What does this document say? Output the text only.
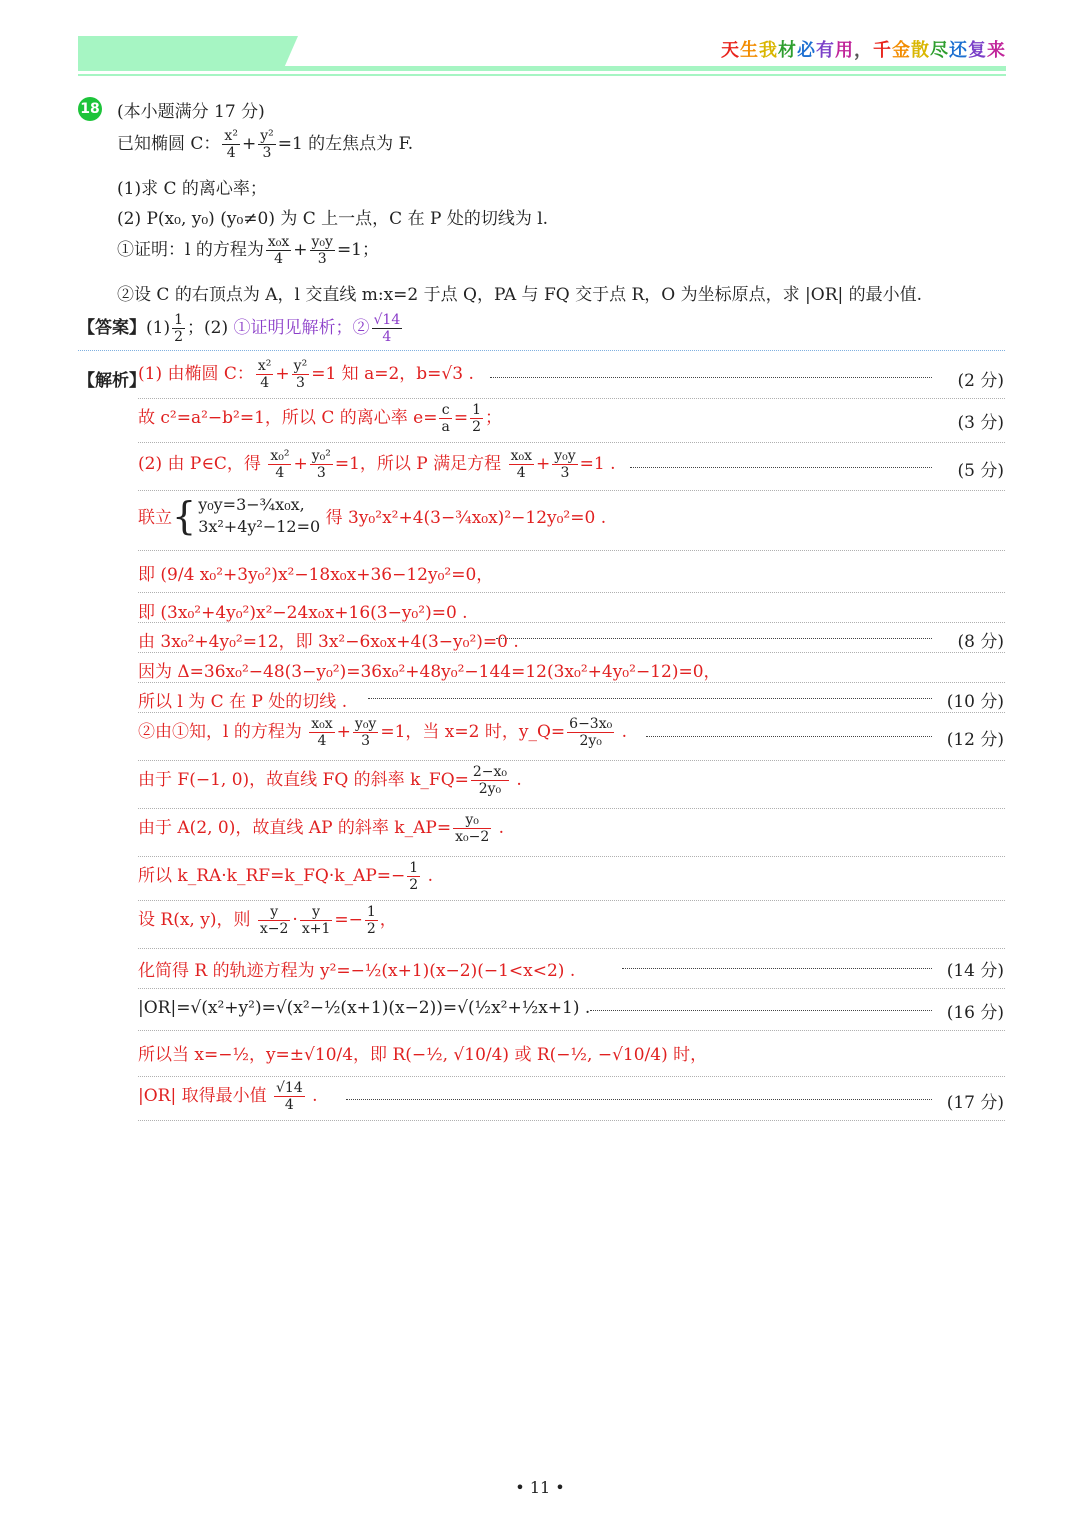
天生我材必有用，千金散尽还复来
18 (本小题满分 17 分)
已知椭圆 C： $\frac{\text{x²}}{4} + \frac{\text{y²}}{3} =1$ 的左焦点为 F.
(1)求 C 的离心率；
(2) P(x₀, y₀) (y₀≠0) 为 C 上一点，C 在 P 处的切线为 l.
①证明：l 的方程为 $\frac{\text{x₀x}}{4} + \frac{\text{y₀y}}{3} =1$；
②设 C 的右顶点为 A，l 交直线 m:x=2 于点 Q，PA 与 FQ 交于点 R，O 为坐标原点，求 |OR| 的最小值.
【答案】$(1) \frac{1}{2}$ ；(2) ①证明见解析；② $\frac{√14}{4}$
【解析】
(1) 由椭圆 C： $\frac{\text{x²}}{4} + \frac{\text{y²}}{3} =1$ 知 a=2，b=√3 .	(2 分)
故 c²=a²−b²=1，所以 C 的离心率 $e= \frac{c}{a} = \frac{1}{2}$ ；	(3 分)
(2) 由 P∈C，得 $\frac{\text{x₀²}}{4} + \frac{\text{y₀²}}{3} =1$，所以 P 满足方程 $\frac{\text{x₀x}}{4} + \frac{\text{y₀y}}{3} =1$ .	(5 分)
联立{ y₀y=3−¾x₀x,
3x²+4y²−12=0 得 3y₀²x²+4(3−¾x₀x)²−12y₀²=0 .
即 (9/4 x₀²+3y₀²)x²−18x₀x+36−12y₀²=0，
即 (3x₀²+4y₀²)x²−24x₀x+16(3−y₀²)=0 .
由 3x₀²+4y₀²=12，即 3x²−6x₀x+4(3−y₀²)=0 .	(8 分)
因为 Δ=36x₀²−48(3−y₀²)=36x₀²+48y₀²−144=12(3x₀²+4y₀²−12)=0，
所以 l 为 C 在 P 处的切线 .	(10 分)
②由①知，l 的方程为 $\frac{\text{x₀x}}{4} + \frac{\text{y₀y}}{3} =1$，当 x=2 时，y_Q= $\frac{\text{6−3x₀}}{\text{2y₀}}$ .	(12 分)
由于 F(−1, 0)，故直线 FQ 的斜率 k_FQ= $\frac{\text{2−x₀}}{\text{2y₀}}$ .
由于 A(2, 0)，故直线 AP 的斜率 k_AP= $\frac{\text{y₀}}{\text{x₀−2}}$ .
所以 k_RA·k_RF=k_FQ·k_AP=− $\frac{1}{2}$ .
设 R(x, y)，则 $\frac{y}{x-2} \cdot \frac{y}{x+1} =- \frac{1}{2}$ ，
化简得 R 的轨迹方程为 y²=−½(x+1)(x−2)(−1<x<2) .	(14 分)
|OR|=√(x²+y²)=√(x²−½(x+1)(x−2))=√(½x²+½x+1) .	(16 分)
所以当 x=−½，y=±√10/4，即 R(−½, √10/4) 或 R(−½, −√10/4) 时，
|OR| 取得最小值 $\frac{√14}{4}$ .	(17 分)
• 11 •
